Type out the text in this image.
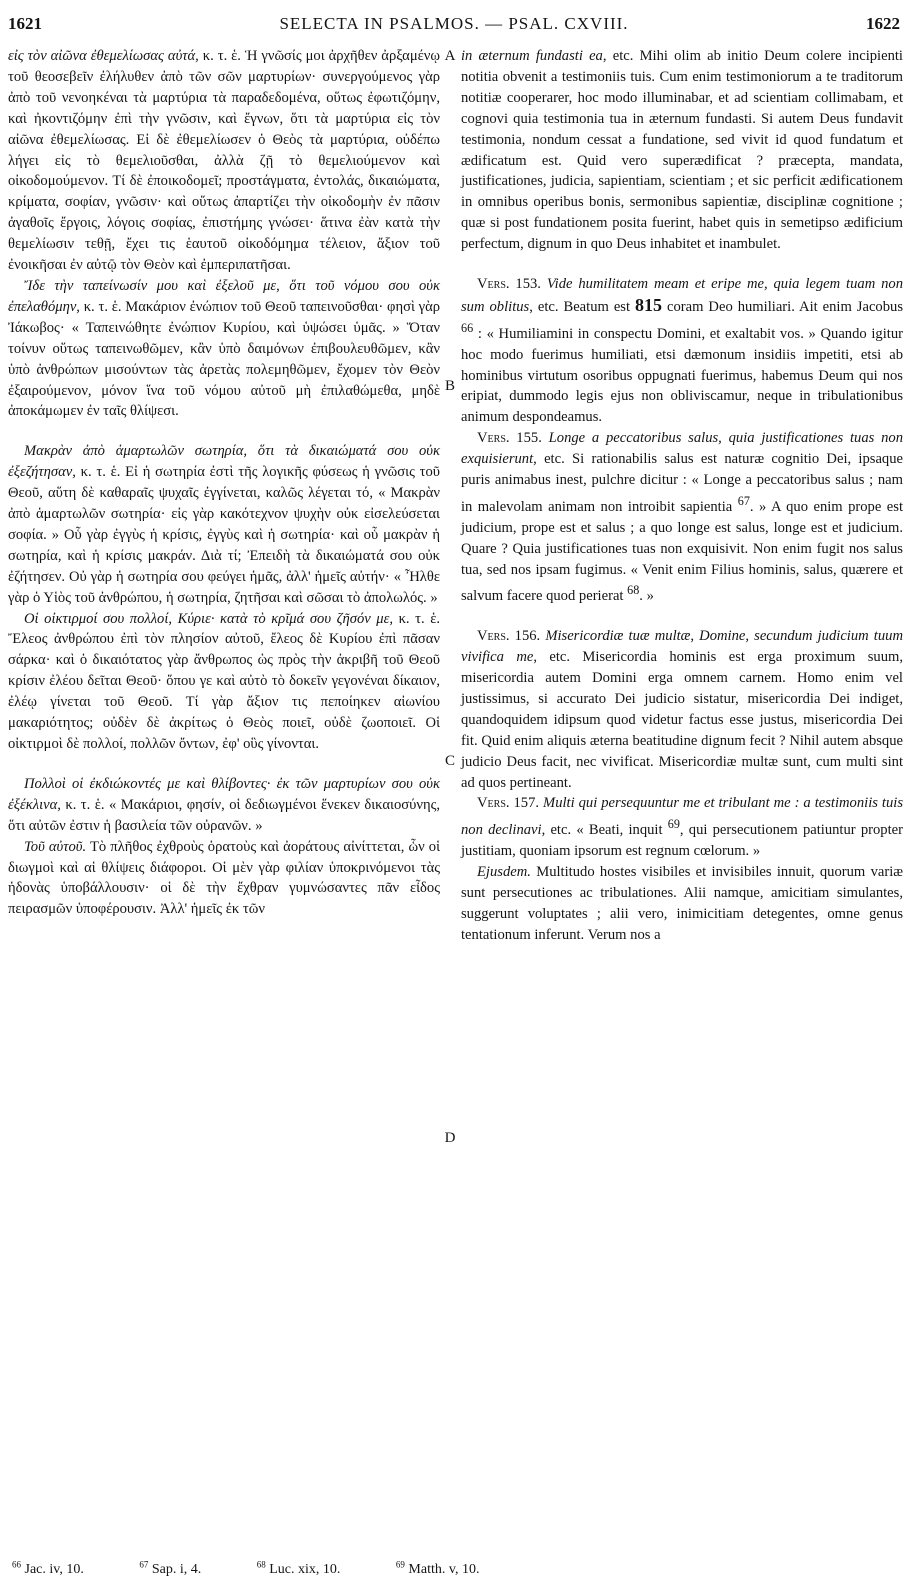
1621	SELECTA IN PSALMOS. — PSAL. CXVIII.	1622
A
B
C
D

εἰς τὸν αἰῶνα ἐθεμελίωσας αὐτά, κ. τ. ἑ. Ἡ γνῶσίς μοι ἀρχῆθεν ἀρξαμένῳ τοῦ θεοσεβεῖν ἐλήλυθεν ἀπὸ τῶν σῶν μαρτυρίων· συνεργούμενος γὰρ ἀπὸ τοῦ νενοηκέναι τὰ μαρτύρια τὰ παραδεδομένα, οὕτως ἐφωτιζόμην, καὶ ἠκοντιζόμην ἐπὶ τὴν γνῶσιν, καὶ ἔγνων, ὅτι τὰ μαρτύρια εἰς τὸν αἰῶνα ἐθεμελίωσας. Εἰ δὲ ἐθεμελίωσεν ὁ Θεὸς τὰ μαρτύρια, οὐδέπω λήγει εἰς τὸ θεμελιοῦσθαι, ἀλλὰ ζῇ τὸ θεμελιούμενον καὶ οἰκοδομούμενον. Τί δὲ ἐποικοδομεῖ; προστάγματα, ἐντολάς, δικαιώματα, κρίματα, σοφίαν, γνῶσιν· καὶ οὕτως ἀπαρτίζει τὴν οἰκοδομὴν ἐν πᾶσιν ἀγαθοῖς ἔργοις, λόγοις σοφίας, ἐπιστήμης γνώσει· ἅτινα ἐὰν κατὰ τὴν θεμελίωσιν τεθῇ, ἔχει τις ἑαυτοῦ οἰκοδόμημα τέλειον, ἄξιον τοῦ ἐνοικῆσαι ἐν αὐτῷ τὸν Θεὸν καὶ ἐμπεριπατῆσαι.

Ἴδε τὴν ταπείνωσίν μου καὶ ἐξελοῦ με, ὅτι τοῦ νόμου σου οὐκ ἐπελαθόμην, κ. τ. ἑ. Μακάριον ἐνώπιον τοῦ Θεοῦ ταπεινοῦσθαι· φησὶ γὰρ Ἰάκωβος· « Ταπεινώθητε ἐνώπιον Κυρίου, καὶ ὑψώσει ὑμᾶς. » Ὅταν τοίνυν οὕτως ταπεινωθῶμεν, κἂν ὑπὸ δαιμόνων ἐπιβουλευθῶμεν, κἂν ὑπὸ ἀνθρώπων μισούντων τὰς ἀρετὰς πολεμηθῶμεν, ἔχομεν τὸν Θεὸν ἐξαιρούμενον, μόνον ἵνα τοῦ νόμου αὐτοῦ μὴ ἐπιλαθώμεθα, μηδὲ ἀποκάμωμεν ἐν ταῖς θλίψεσι.

Μακρὰν ἀπὸ ἁμαρτωλῶν σωτηρία, ὅτι τὰ δικαιώματά σου οὐκ ἐξεζήτησαν, κ. τ. ἑ. Εἰ ἡ σωτηρία ἐστὶ τῆς λογικῆς φύσεως ἡ γνῶσις τοῦ Θεοῦ, αὕτη δὲ καθαραῖς ψυχαῖς ἐγγίνεται, καλῶς λέγεται τό, « Μακρὰν ἀπὸ ἁμαρτωλῶν σωτηρία· εἰς γὰρ κακότεχνον ψυχὴν οὐκ εἰσελεύσεται σοφία. » Οὗ γὰρ ἐγγὺς ἡ κρίσις, ἐγγὺς καὶ ἡ σωτηρία· καὶ οὗ μακρὰν ἡ σωτηρία, καὶ ἡ κρίσις μακράν. Διὰ τί; Ἐπειδὴ τὰ δικαιώματά σου οὐκ ἐζήτησεν. Οὐ γὰρ ἡ σωτηρία σου φεύγει ἡμᾶς, ἀλλ' ἡμεῖς αὐτήν· « Ἦλθε γὰρ ὁ Υἱὸς τοῦ ἀνθρώπου, ἡ σωτηρία, ζητῆσαι καὶ σῶσαι τὸ ἀπολωλός. »

Οἱ οἰκτιρμοί σου πολλοί, Κύριε· κατὰ τὸ κρῖμά σου ζῆσόν με, κ. τ. ἑ. Ἔλεος ἀνθρώπου ἐπὶ τὸν πλησίον αὐτοῦ, ἔλεος δὲ Κυρίου ἐπὶ πᾶσαν σάρκα· καὶ ὁ δικαιότατος γὰρ ἄνθρωπος ὡς πρὸς τὴν ἀκριβῆ τοῦ Θεοῦ κρίσιν ἐλέου δεῖται Θεοῦ· ὅπου γε καὶ αὐτὸ τὸ δοκεῖν γεγονέναι δίκαιον, ἐλέῳ γίνεται τοῦ Θεοῦ. Τί γὰρ ἄξιον τις πεποίηκεν αἰωνίου μακαριότητος; οὐδὲν δὲ ἀκρίτως ὁ Θεὸς ποιεῖ, οὐδὲ ζωοποιεῖ. Οἱ οἰκτιρμοὶ δὲ πολλοί, πολλῶν ὄντων, ἐφ' οὓς γίνονται.

Πολλοὶ οἱ ἐκδιώκοντές με καὶ θλίβοντες· ἐκ τῶν μαρτυρίων σου οὐκ ἐξέκλινα, κ. τ. ἑ. « Μακάριοι, φησίν, οἱ δεδιωγμένοι ἕνεκεν δικαιοσύνης, ὅτι αὐτῶν ἐστιν ἡ βασιλεία τῶν οὐρανῶν. »

Τοῦ αὐτοῦ. Τὸ πλῆθος ἐχθροὺς ὁρατοὺς καὶ ἀοράτους αἰνίττεται, ὧν οἱ διωγμοὶ καὶ αἱ θλίψεις διάφοροι. Οἱ μὲν γὰρ φιλίαν ὑποκρινόμενοι τὰς ἡδονὰς ὑποβάλλουσιν· οἱ δὲ τὴν ἔχθραν γυμνώσαντες πᾶν εἶδος πειρασμῶν ὑποφέρουσιν. Ἀλλ' ἡμεῖς ἐκ τῶν

in æternum fundasti ea, etc. Mihi olim ab initio Deum colere incipienti notitia obvenit a testimoniis tuis. Cum enim testimoniorum a te traditorum notitiæ cooperarer, hoc modo illuminabar, et ad scientiam collimabam, et cognovi quia testimonia tua in æternum fundasti. Si autem Deus fundavit testimonia, nondum cessat a fundatione, sed vivit id quod fundatum et ædificatum est. Quid vero superædificat ? præcepta, mandata, justificationes, judicia, sapientiam, scientiam ; et sic perficit ædificationem in omnibus operibus bonis, sermonibus sapientiæ, disciplinæ cognitione ; quæ si post fundationem posita fuerint, habet quis in semetipso ædificium perfectum, dignum in quo Deus inhabitet et inambulet.

Vers. 153. Vide humilitatem meam et eripe me, quia legem tuam non sum oblitus, etc. Beatum est 815 coram Deo humiliari. Ait enim Jacobus $^{66}$ : « Humiliamini in conspectu Domini, et exaltabit vos. » Quando igitur hoc modo fuerimus humiliati, etsi dæmonum insidiis impetiti, etsi ab hominibus virtutum osoribus oppugnati fuerimus, habemus Deum qui nos eripiat, dummodo legis ejus non obliviscamur, neque in tribulationibus animum despondeamus.

Vers. 155. Longe a peccatoribus salus, quia justificationes tuas non exquisierunt, etc. Si rationabilis salus est naturæ cognitio Dei, ipsaque puris animabus inest, pulchre dicitur : « Longe a peccatoribus salus ; nam in malevolam animam non introibit sapientia $^{67}$. » A quo enim prope est judicium, prope est et salus ; a quo longe est salus, longe est et judicium. Quare ? Quia justificationes tuas non exquisivit. Non enim fugit nos salus tua, sed nos ipsam fugimus. « Venit enim Filius hominis, salus, quærere et salvum facere quod perierat $^{68}$. »

Vers. 156. Misericordiæ tuæ multæ, Domine, secundum judicium tuum vivifica me, etc. Misericordia hominis est erga proximum suum, misericordia autem Domini erga omnem carnem. Homo enim vel justissimus, si accurato Dei judicio sistatur, misericordia Dei indiget, quandoquidem idipsum quod videtur factus esse justus, misericordia Dei fit. Quid enim aliquis æterna beatitudine dignum fecit ? Nihil autem absque judicio Deus facit, nec vivificat. Misericordiæ multæ sunt, cum multi sint ad quos pertineant.

Vers. 157. Multi qui persequuntur me et tribulant me : a testimoniis tuis non declinavi, etc. « Beati, inquit $^{69}$, qui persecutionem patiuntur propter justitiam, quoniam ipsorum est regnum cœlorum. »

Ejusdem. Multitudo hostes visibiles et invisibiles innuit, quorum variæ sunt persecutiones ac tribulationes. Alii namque, amicitiam simulantes, suggerunt voluptates ; alii vero, inimicitiam detegentes, omne genus tentationum inferunt. Verum nos a

$^{66}$ Jac. iv, 10.	$^{67}$ Sap. i, 4.	$^{68}$ Luc. xix, 10.	$^{69}$ Matth. v, 10.
